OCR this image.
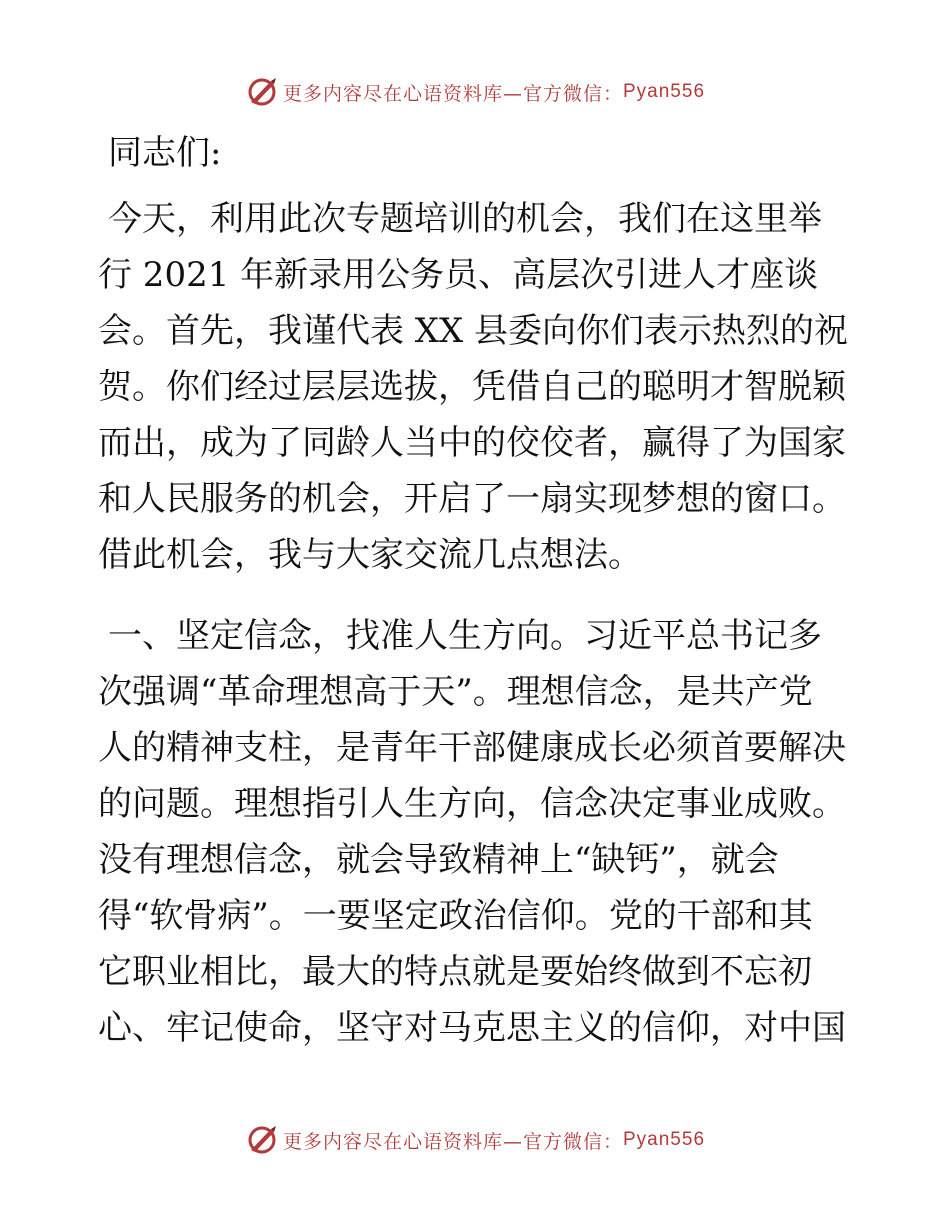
更多内容尽在心语资料库—官方微信： Pyan556

同志们:

今天，利用此次专题培训的机会，我们在这里举

行 2021 年新录用公务员、高层次引进人才座谈

会。首先，我谨代表 XX 县委向你们表示热烈的祝

贺。你们经过层层选拔，凭借自己的聪明才智脱颖

而出，成为了同龄人当中的佼佼者，赢得了为国家

和人民服务的机会，开启了一扇实现梦想的窗口。

借此机会，我与大家交流几点想法。

一、坚定信念，找准人生方向。习近平总书记多

次强调“革命理想高于天”。理想信念，是共产党

人的精神支柱，是青年干部健康成长必须首要解决

的问题。理想指引人生方向，信念决定事业成败。

没有理想信念，就会导致精神上“缺钙”，就会

得“软骨病”。一要坚定政治信仰。党的干部和其

它职业相比，最大的特点就是要始终做到不忘初

心、牢记使命，坚守对马克思主义的信仰，对中国

更多内容尽在心语资料库—官方微信： Pyan556
